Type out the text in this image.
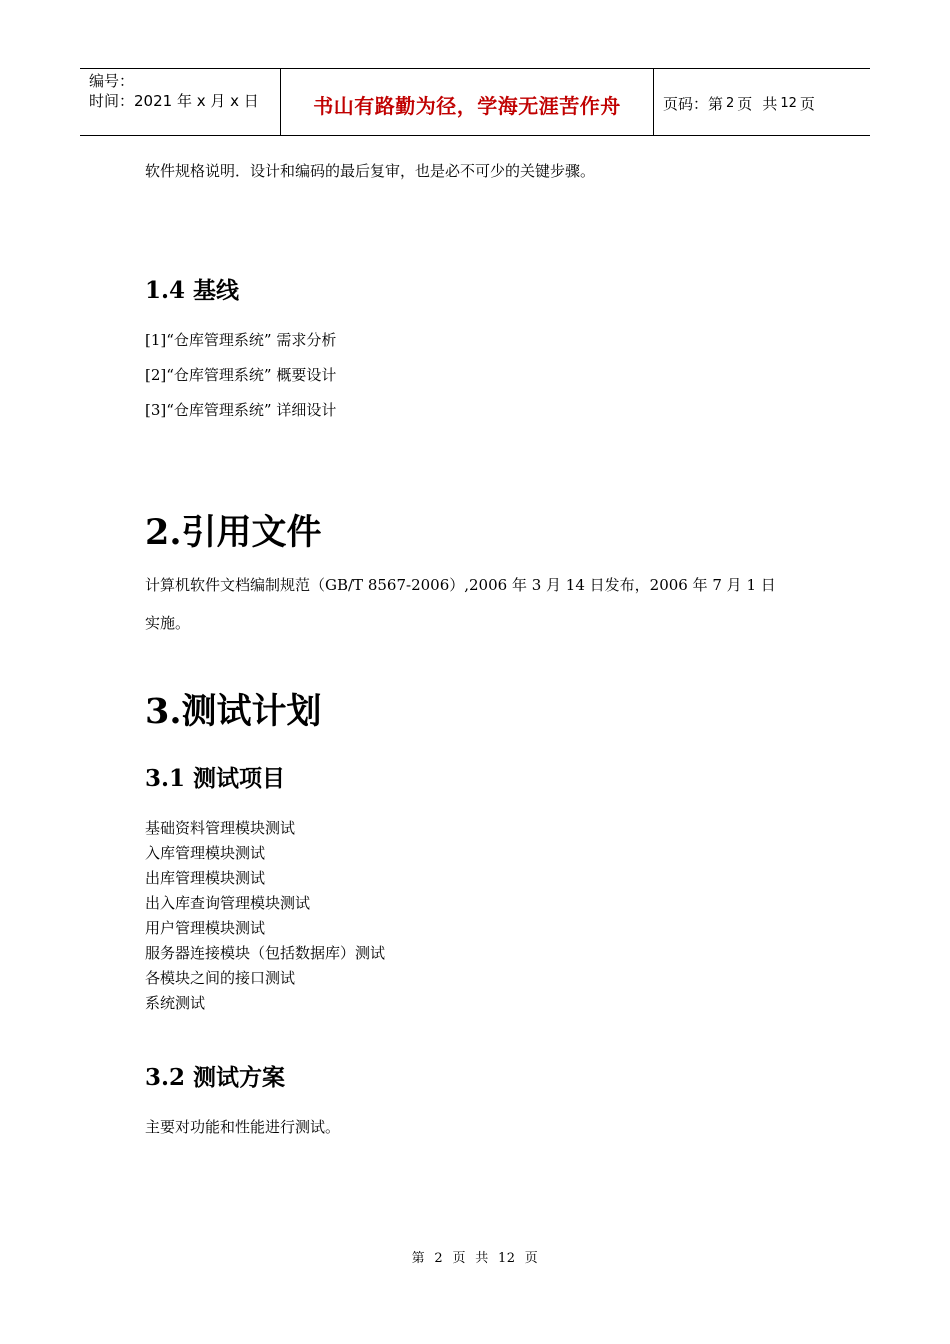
编号：
时间：2021 年 x 月 x 日	书山有路勤为径，学海无涯苦作舟	页码：第 2 页 共 12 页
软件规格说明．设计和编码的最后复审，也是必不可少的关键步骤。
1.4 基线
[1]“仓库管理系统” 需求分析
[2]“仓库管理系统” 概要设计
[3]“仓库管理系统” 详细设计
2.引用文件
计算机软件文档编制规范（GB/T 8567-2006）,2006 年 3 月 14 日发布，2006 年 7 月 1 日
实施。
3.测试计划
3.1 测试项目
基础资料管理模块测试
入库管理模块测试
出库管理模块测试
出入库查询管理模块测试
用户管理模块测试
服务器连接模块（包括数据库）测试
各模块之间的接口测试
系统测试
3.2 测试方案
主要对功能和性能进行测试。
第  2  页  共  12  页
